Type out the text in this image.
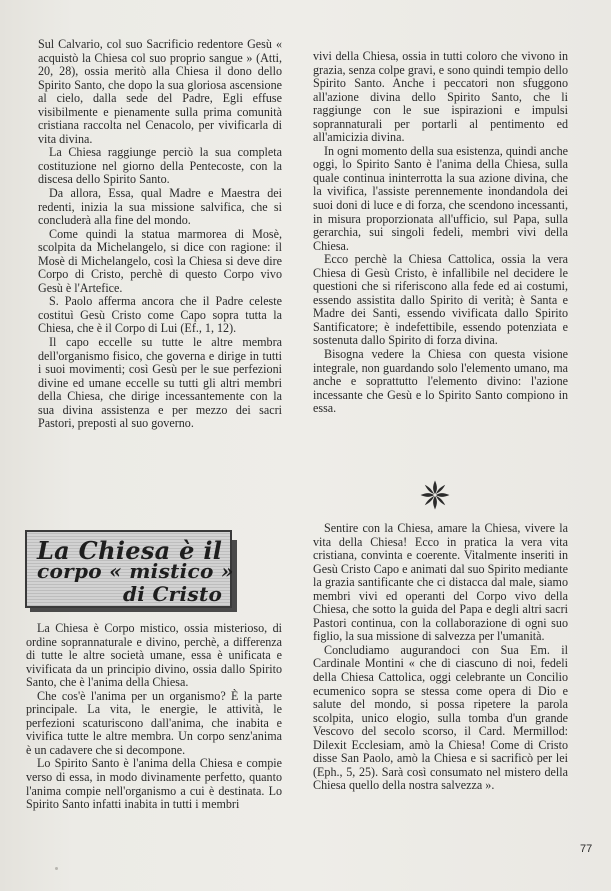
Sul Calvario, col suo Sacrificio redentore Gesù « acquistò la Chiesa col suo proprio sangue » (Atti, 20, 28), ossia meritò alla Chiesa il dono dello Spirito Santo, che dopo la sua gloriosa ascensione al cielo, dalla sede del Padre, Egli effuse visibilmente e pienamente sulla prima comunità cristiana raccolta nel Cenacolo, per vivificarla di vita divina.

La Chiesa raggiunge perciò la sua completa costituzione nel giorno della Pentecoste, con la discesa dello Spirito Santo.

Da allora, Essa, qual Madre e Maestra dei redenti, inizia la sua missione salvifica, che si concluderà alla fine del mondo.

Come quindi la statua marmorea di Mosè, scolpita da Michelangelo, si dice con ragione: il Mosè di Michelangelo, così la Chiesa si deve dire Corpo di Cristo, perchè di questo Corpo vivo Gesù è l'Artefice.

S. Paolo afferma ancora che il Padre celeste costituì Gesù Cristo come Capo sopra tutta la Chiesa, che è il Corpo di Lui (Ef., 1, 12).

Il capo eccelle su tutte le altre membra dell'organismo fisico, che governa e dirige in tutti i suoi movimenti; così Gesù per le sue perfezioni divine ed umane eccelle su tutti gli altri membri della Chiesa, che dirige incessantemente con la sua divina assistenza e per mezzo dei sacri Pastori, preposti al suo governo.

La Chiesa è il
corpo « mistico »
di Cristo

La Chiesa è Corpo mistico, ossia misterioso, di ordine soprannaturale e divino, perchè, a differenza di tutte le altre società umane, essa è unificata e vivificata da un principio divino, ossia dallo Spirito Santo, che è l'anima della Chiesa.

Che cos'è l'anima per un organismo? È la parte principale. La vita, le energie, le attività, le perfezioni scaturiscono dall'anima, che inabita e vivifica tutte le altre membra. Un corpo senz'anima è un cadavere che si decompone.

Lo Spirito Santo è l'anima della Chiesa e compie verso di essa, in modo divinamente perfetto, quanto l'anima compie nell'organismo a cui è destinata. Lo Spirito Santo infatti inabita in tutti i membri

vivi della Chiesa, ossia in tutti coloro che vivono in grazia, senza colpe gravi, e sono quindi tempio dello Spirito Santo. Anche i peccatori non sfuggono all'azione divina dello Spirito Santo, che li raggiunge con le sue ispirazioni e impulsi soprannaturali per portarli al pentimento ed all'amicizia divina.

In ogni momento della sua esistenza, quindi anche oggi, lo Spirito Santo è l'anima della Chiesa, sulla quale continua ininterrotta la sua azione divina, che la vivifica, l'assiste perennemente inondandola dei suoi doni di luce e di forza, che scendono incessanti, in misura proporzionata all'ufficio, sul Papa, sulla gerarchia, sui singoli fedeli, membri vivi della Chiesa.

Ecco perchè la Chiesa Cattolica, ossia la vera Chiesa di Gesù Cristo, è infallibile nel decidere le questioni che si riferiscono alla fede ed ai costumi, essendo assistita dallo Spirito di verità; è Santa e Madre dei Santi, essendo vivificata dallo Spirito Santificatore; è indefettibile, essendo potenziata e sostenuta dallo Spirito di forza divina.

Bisogna vedere la Chiesa con questa visione integrale, non guardando solo l'elemento umano, ma anche e soprattutto l'elemento divino: l'azione incessante che Gesù e lo Spirito Santo compiono in essa.

Sentire con la Chiesa, amare la Chiesa, vivere la vita della Chiesa! Ecco in pratica la vera vita cristiana, convinta e coerente. Vitalmente inseriti in Gesù Cristo Capo e animati dal suo Spirito mediante la grazia santificante che ci distacca dal male, siamo membri vivi ed operanti del Corpo vivo della Chiesa, che sotto la guida del Papa e degli altri sacri Pastori continua, con la collaborazione di ogni suo figlio, la sua missione di salvezza per l'umanità.

Concludiamo augurandoci con Sua Em. il Cardinale Montini « che di ciascuno di noi, fedeli della Chiesa Cattolica, oggi celebrante un Concilio ecumenico sopra se stessa come opera di Dio e salute del mondo, si possa ripetere la parola scolpita, unico elogio, sulla tomba d'un grande Vescovo del secolo scorso, il Card. Mermillod: Dilexit Ecclesiam, amò la Chiesa! Come di Cristo disse San Paolo, amò la Chiesa e si sacrificò per lei (Eph., 5, 25). Sarà così consumato nel mistero della Chiesa quello della nostra salvezza ».

77
